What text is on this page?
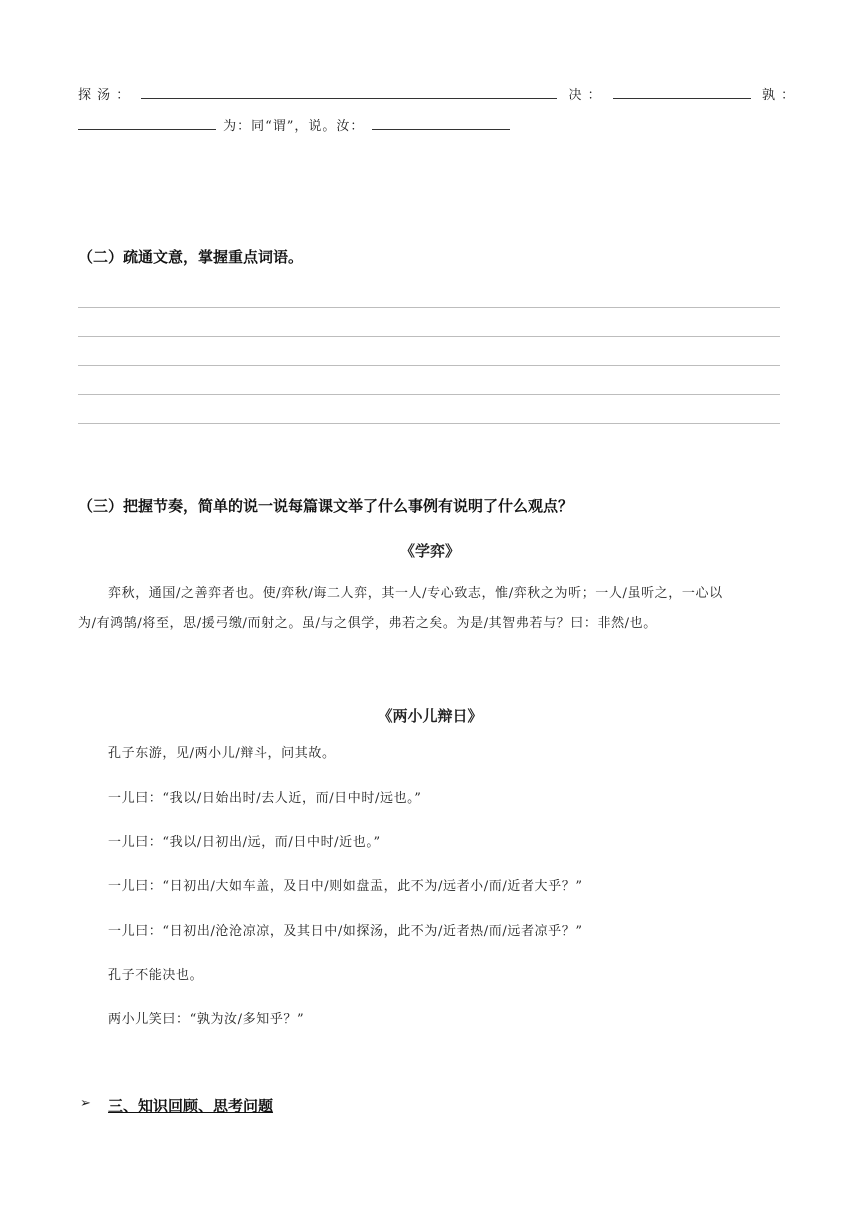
探 汤 ：	决 ：	孰 ：
为：同“谓”，说。汝：
（二）疏通文意，掌握重点词语。
（三）把握节奏，简单的说一说每篇课文举了什么事例有说明了什么观点？
《学弈》
弈秋，通国/之善弈者也。使/弈秋/诲二人弈，其一人/专心致志，惟/弈秋之为听；一人/虽听之，一心以
为/有鸿鹄/将至，思/援弓缴/而射之。虽/与之俱学，弗若之矣。为是/其智弗若与？曰：非然/也。
《两小儿辩日》
孔子东游，见/两小儿/辩斗，问其故。
一儿曰：“我以/日始出时/去人近，而/日中时/远也。”
一儿曰：“我以/日初出/远，而/日中时/近也。”
一儿曰：“日初出/大如车盖，及日中/则如盘盂，此不为/远者小/而/近者大乎？”
一儿曰：“日初出/沧沧凉凉，及其日中/如探汤，此不为/近者热/而/远者凉乎？”
孔子不能决也。
两小儿笑曰：“孰为汝/多知乎？”
➢ 三、知识回顾、思考问题
